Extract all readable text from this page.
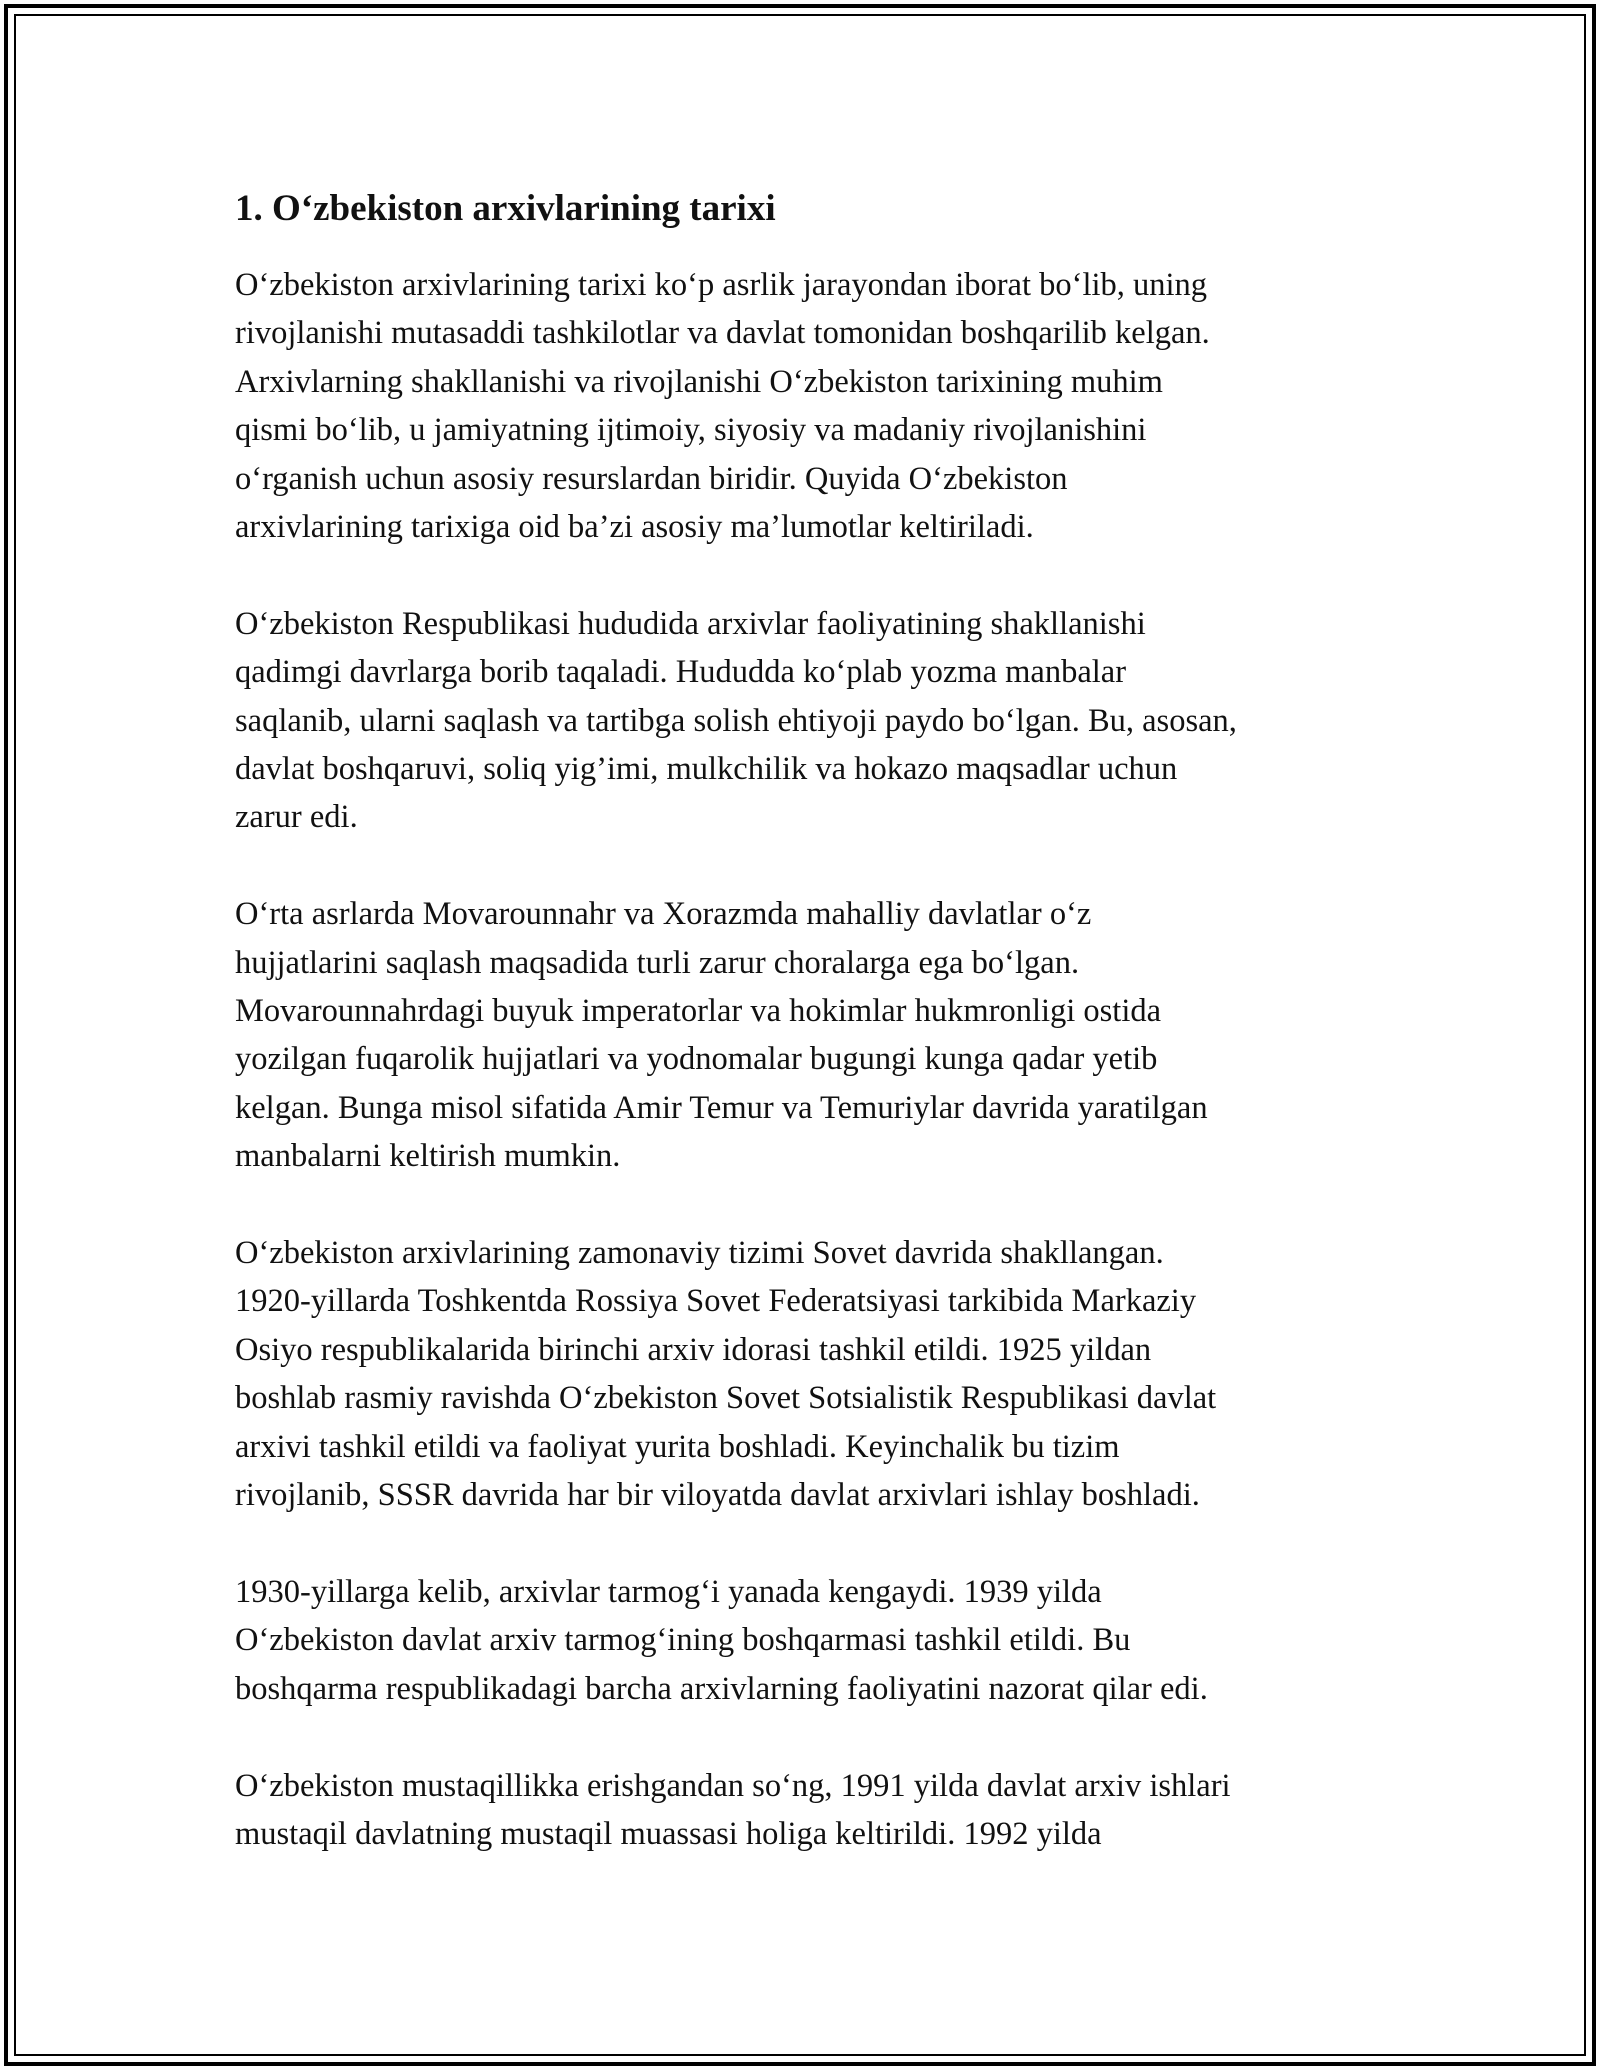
1. O‘zbekiston arxivlarining tarixi

O‘zbekiston arxivlarining tarixi ko‘p asrlik jarayondan iborat bo‘lib, uning
rivojlanishi mutasaddi tashkilotlar va davlat tomonidan boshqarilib kelgan.
Arxivlarning shakllanishi va rivojlanishi O‘zbekiston tarixining muhim
qismi bo‘lib, u jamiyatning ijtimoiy, siyosiy va madaniy rivojlanishini
o‘rganish uchun asosiy resurslardan biridir. Quyida O‘zbekiston
arxivlarining tarixiga oid ba’zi asosiy ma’lumotlar keltiriladi.

O‘zbekiston Respublikasi hududida arxivlar faoliyatining shakllanishi
qadimgi davrlarga borib taqaladi. Hududda ko‘plab yozma manbalar
saqlanib, ularni saqlash va tartibga solish ehtiyoji paydo bo‘lgan. Bu, asosan,
davlat boshqaruvi, soliq yig’imi, mulkchilik va hokazo maqsadlar uchun
zarur edi.

O‘rta asrlarda Movarounnahr va Xorazmda mahalliy davlatlar o‘z
hujjatlarini saqlash maqsadida turli zarur choralarga ega bo‘lgan.
Movarounnahrdagi buyuk imperatorlar va hokimlar hukmronligi ostida
yozilgan fuqarolik hujjatlari va yodnomalar bugungi kunga qadar yetib
kelgan. Bunga misol sifatida Amir Temur va Temuriylar davrida yaratilgan
manbalarni keltirish mumkin.

O‘zbekiston arxivlarining zamonaviy tizimi Sovet davrida shakllangan.
1920-yillarda Toshkentda Rossiya Sovet Federatsiyasi tarkibida Markaziy
Osiyo respublikalarida birinchi arxiv idorasi tashkil etildi. 1925 yildan
boshlab rasmiy ravishda O‘zbekiston Sovet Sotsialistik Respublikasi davlat
arxivi tashkil etildi va faoliyat yurita boshladi. Keyinchalik bu tizim
rivojlanib, SSSR davrida har bir viloyatda davlat arxivlari ishlay boshladi.

1930-yillarga kelib, arxivlar tarmog‘i yanada kengaydi. 1939 yilda
O‘zbekiston davlat arxiv tarmog‘ining boshqarmasi tashkil etildi. Bu
boshqarma respublikadagi barcha arxivlarning faoliyatini nazorat qilar edi.

O‘zbekiston mustaqillikka erishgandan so‘ng, 1991 yilda davlat arxiv ishlari
mustaqil davlatning mustaqil muassasi holiga keltirildi. 1992 yilda
